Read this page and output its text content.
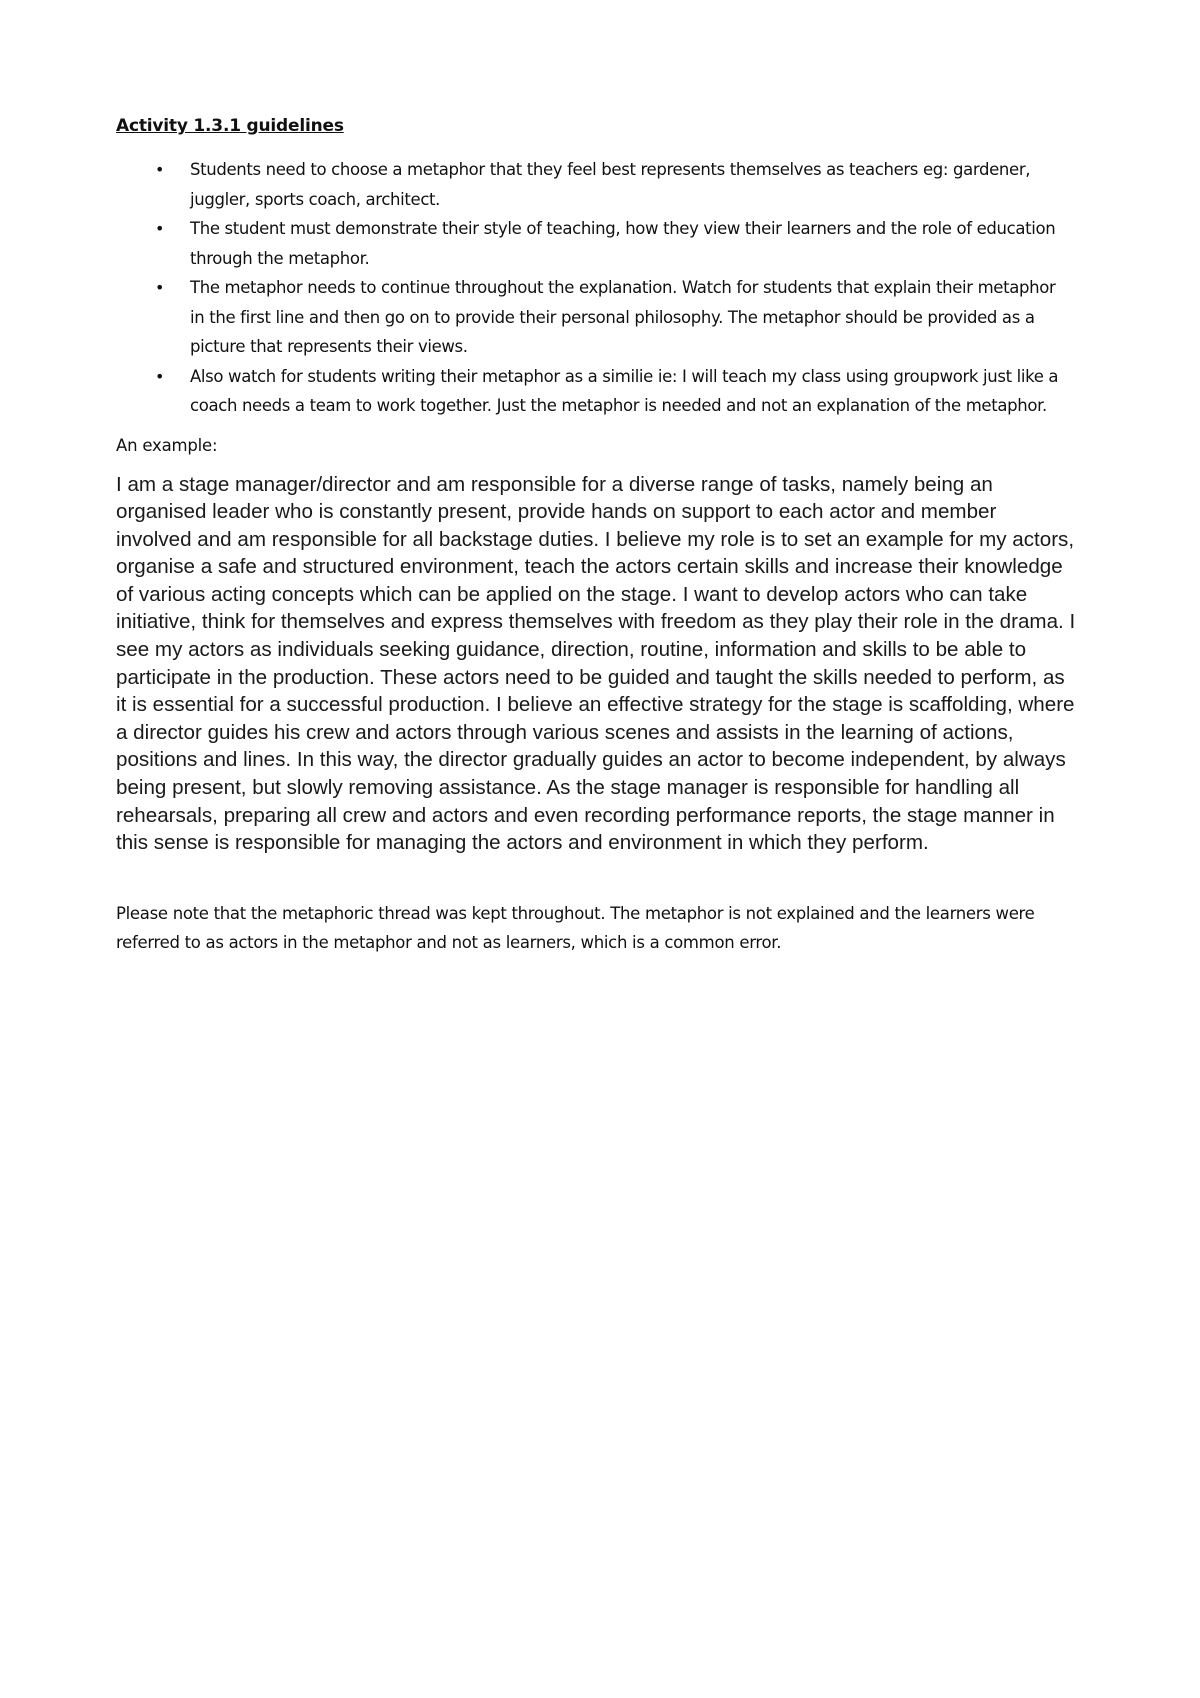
Activity 1.3.1 guidelines
• Students need to choose a metaphor that they feel best represents themselves as teachers eg: gardener, juggler, sports coach, architect.
• The student must demonstrate their style of teaching, how they view their learners and the role of education through the metaphor.
• The metaphor needs to continue throughout the explanation. Watch for students that explain their metaphor in the first line and then go on to provide their personal philosophy. The metaphor should be provided as a picture that represents their views.
• Also watch for students writing their metaphor as a similie ie: I will teach my class using groupwork just like a coach needs a team to work together. Just the metaphor is needed and not an explanation of the metaphor.
An example:

I am a stage manager/director and am responsible for a diverse range of tasks, namely being an organised leader who is constantly present, provide hands on support to each actor and member involved and am responsible for all backstage duties. I believe my role is to set an example for my actors, organise a safe and structured environment, teach the actors certain skills and increase their knowledge of various acting concepts which can be applied on the stage. I want to develop actors who can take initiative, think for themselves and express themselves with freedom as they play their role in the drama. I see my actors as individuals seeking guidance, direction, routine, information and skills to be able to participate in the production. These actors need to be guided and taught the skills needed to perform, as it is essential for a successful production. I believe an effective strategy for the stage is scaffolding, where a director guides his crew and actors through various scenes and assists in the learning of actions, positions and lines. In this way, the director gradually guides an actor to become independent, by always being present, but slowly removing assistance. As the stage manager is responsible for handling all rehearsals, preparing all crew and actors and even recording performance reports, the stage manner in this sense is responsible for managing the actors and environment in which they perform.

Please note that the metaphoric thread was kept throughout. The metaphor is not explained and the learners were referred to as actors in the metaphor and not as learners, which is a common error.
